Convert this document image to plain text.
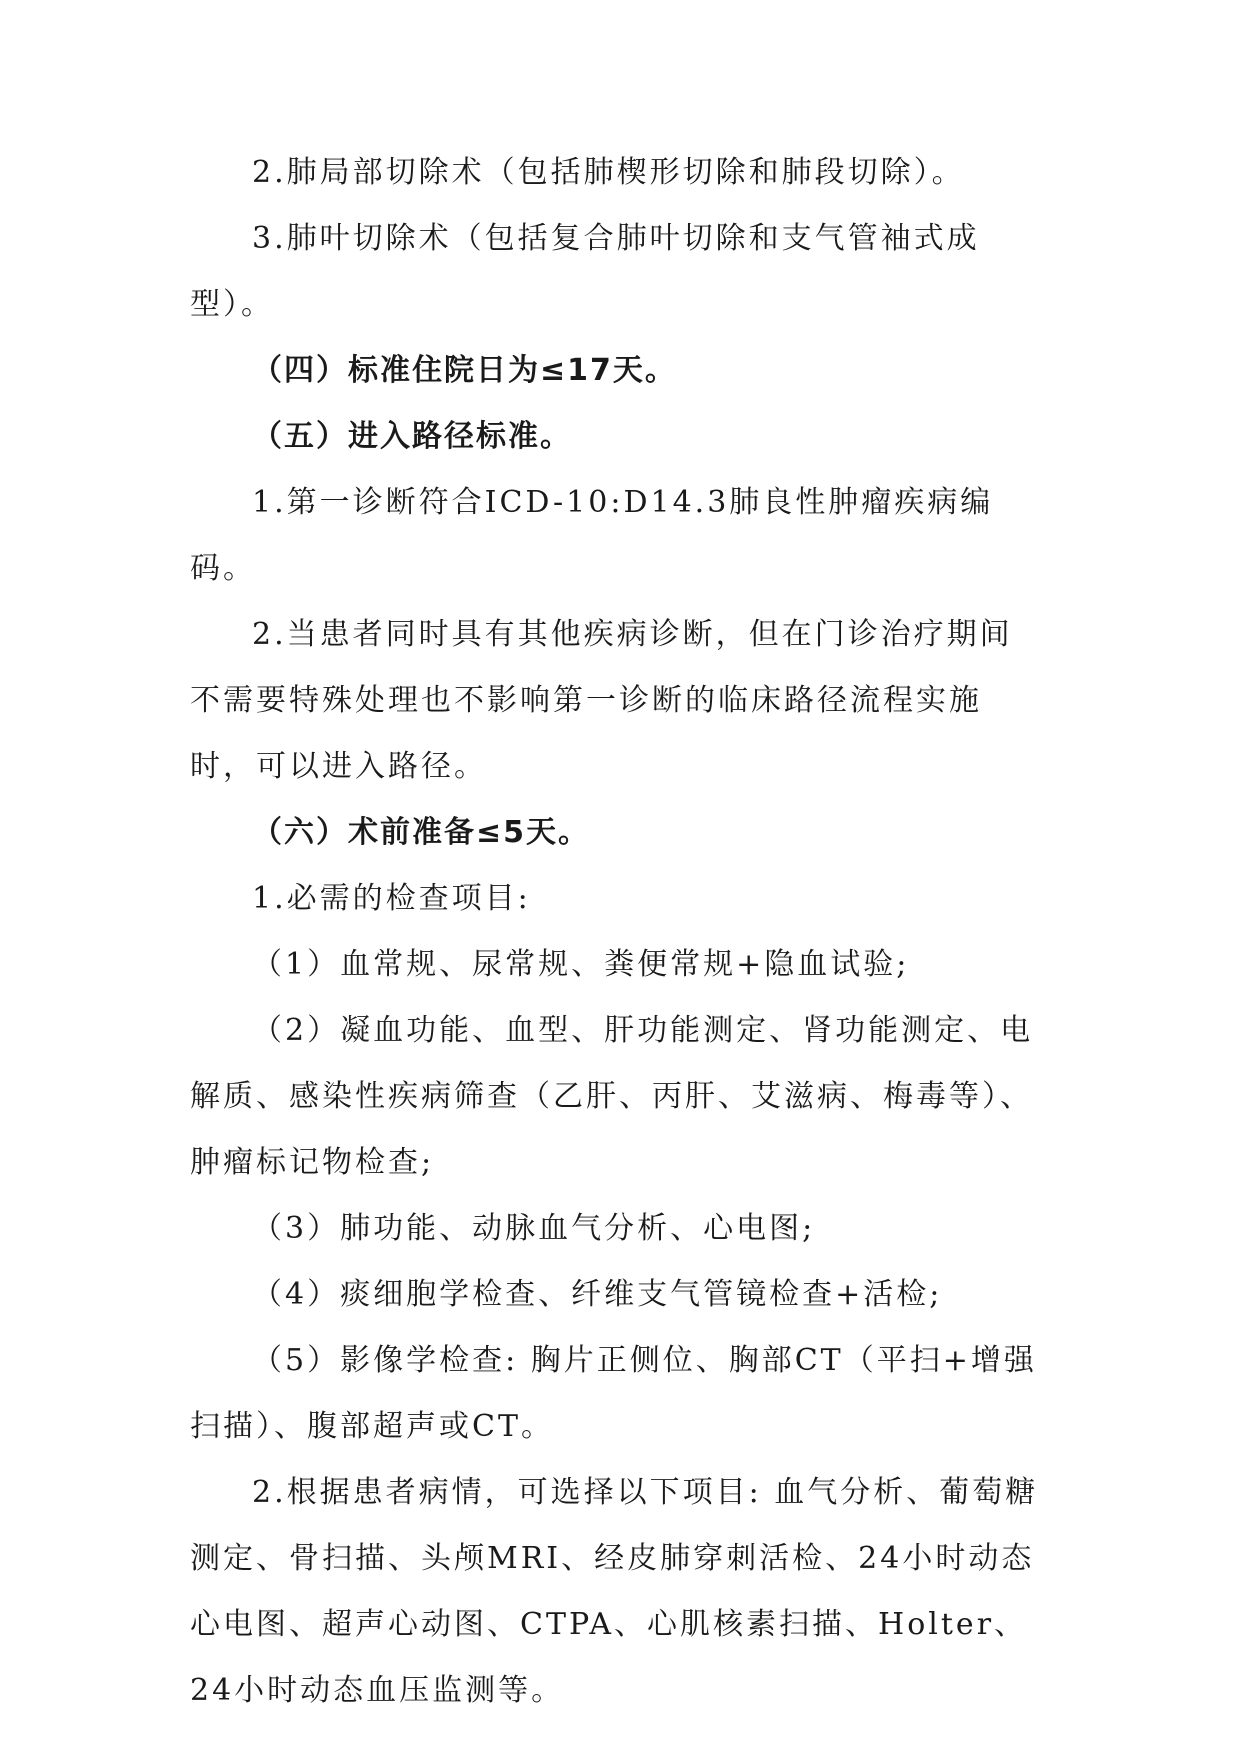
2.肺局部切除术（包括肺楔形切除和肺段切除）。

3.肺叶切除术（包括复合肺叶切除和支气管袖式成型）。

（四）标准住院日为≤17天。

（五）进入路径标准。

1.第一诊断符合ICD-10:D14.3肺良性肿瘤疾病编码。

2.当患者同时具有其他疾病诊断，但在门诊治疗期间不需要特殊处理也不影响第一诊断的临床路径流程实施时，可以进入路径。

（六）术前准备≤5天。

1.必需的检查项目:

（1）血常规、尿常规、粪便常规+隐血试验;

（2）凝血功能、血型、肝功能测定、肾功能测定、电解质、感染性疾病筛查（乙肝、丙肝、艾滋病、梅毒等）、肿瘤标记物检查;

（3）肺功能、动脉血气分析、心电图;

（4）痰细胞学检查、纤维支气管镜检查+活检;

（5）影像学检查: 胸片正侧位、胸部CT（平扫+增强扫描）、腹部超声或CT。

2.根据患者病情，可选择以下项目: 血气分析、葡萄糖测定、骨扫描、头颅MRI、经皮肺穿刺活检、24小时动态心电图、超声心动图、CTPA、心肌核素扫描、Holter、24小时动态血压监测等。
